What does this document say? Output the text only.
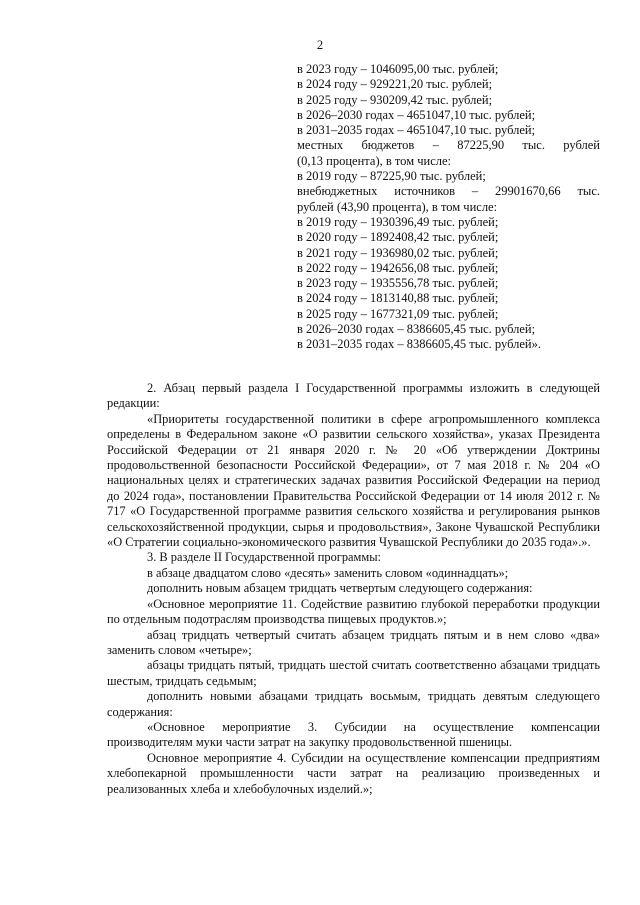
2
в 2023 году – 1046095,00 тыс. рублей;
в 2024 году – 929221,20 тыс. рублей;
в 2025 году – 930209,42 тыс. рублей;
в 2026–2030 годах – 4651047,10 тыс. рублей;
в 2031–2035 годах – 4651047,10 тыс. рублей;
местных бюджетов – 87225,90 тыс. рублей
(0,13 процента), в том числе:
в 2019 году – 87225,90 тыс. рублей;
внебюджетных источников – 29901670,66 тыс.
рублей (43,90 процента), в том числе:
в 2019 году – 1930396,49 тыс. рублей;
в 2020 году – 1892408,42 тыс. рублей;
в 2021 году – 1936980,02 тыс. рублей;
в 2022 году – 1942656,08 тыс. рублей;
в 2023 году – 1935556,78 тыс. рублей;
в 2024 году – 1813140,88 тыс. рублей;
в 2025 году – 1677321,09 тыс. рублей;
в 2026–2030 годах – 8386605,45 тыс. рублей;
в 2031–2035 годах – 8386605,45 тыс. рублей».

2. Абзац первый раздела I Государственной программы изложить в следующей редакции:

«Приоритеты государственной политики в сфере агропромышленного комплекса определены в Федеральном законе «О развитии сельского хозяйства», указах Президента Российской Федерации от 21 января 2020 г. № 20 «Об утверждении Доктрины продовольственной безопасности Российской Федерации», от 7 мая 2018 г. № 204 «О национальных целях и стратегических задачах развития Российской Федерации на период до 2024 года», постановлении Правительства Российской Федерации от 14 июля 2012 г. № 717 «О Государственной программе развития сельского хозяйства и регулирования рынков сельскохозяйственной продукции, сырья и продовольствия», Законе Чувашской Республики «О Стратегии социально-экономического развития Чувашской Республики до 2035 года».».

3. В разделе II Государственной программы:

в абзаце двадцатом слово «десять» заменить словом «одиннадцать»;

дополнить новым абзацем тридцать четвертым следующего содержания:

«Основное мероприятие 11. Содействие развитию глубокой переработки продукции по отдельным подотраслям производства пищевых продуктов.»;

абзац тридцать четвертый считать абзацем тридцать пятым и в нем слово «два» заменить словом «четыре»;

абзацы тридцать пятый, тридцать шестой считать соответственно абзацами тридцать шестым, тридцать седьмым;

дополнить новыми абзацами тридцать восьмым, тридцать девятым следующего содержания:

«Основное мероприятие 3. Субсидии на осуществление компенсации производителям муки части затрат на закупку продовольственной пшеницы.

Основное мероприятие 4. Субсидии на осуществление компенсации предприятиям хлебопекарной промышленности части затрат на реализацию произведенных и реализованных хлеба и хлебобулочных изделий.»;
